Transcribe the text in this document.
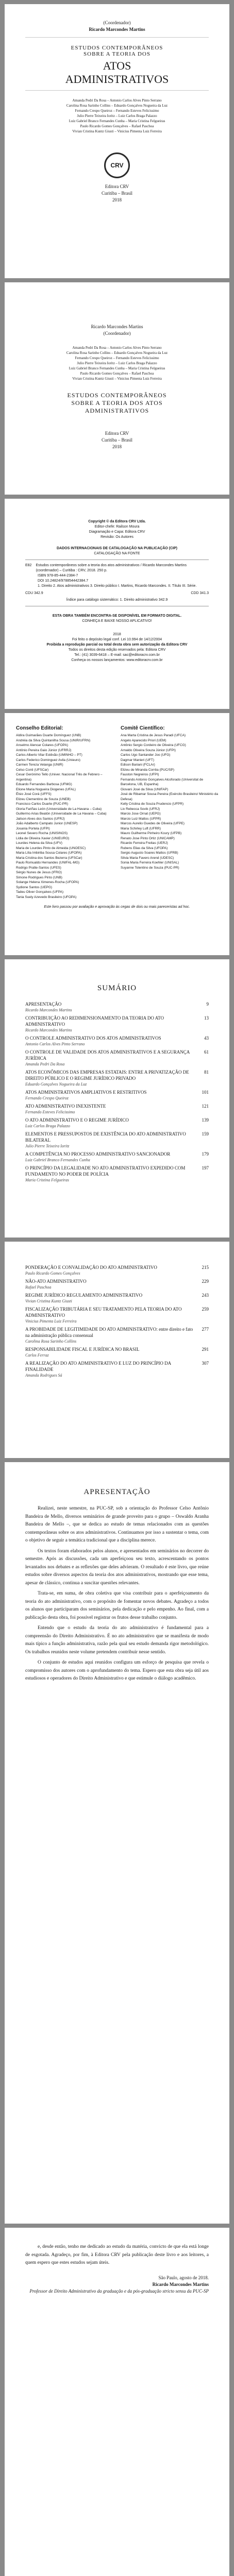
(Coordenador)
Ricardo Marcondes Martins
ESTUDOS CONTEMPORÂNEOS
SOBRE A TEORIA DOS
ATOS
ADMINISTRATIVOS
Amanda Pedri Da Rosa – Antonio Carlos Alves Pinto Serrano
Carolina Rosa Sarinho Collins – Eduardo Gonçalves Nogueira da Luz
Fernando Crespo Queiroz – Fernando Esteves Felicissimo
Julio Pierre Teixeira Ioritz – Luiz Carlos Braga Palazzo
Luiz Gabriel Branco Fernandes Cunha – Maria Cristina Felgueiras
Paulo Ricardo Gomes Gonçalves – Rafael Paschoa
Vivian Cristina Kuntz Giusti – Vinicius Pimenta Luiz Ferreira
CRV
Editora CRV
Curitiba – Brasil
2018
Ricardo Marcondes Martins
(Coordenador)
Amanda Pedri Da Rosa – Antonio Carlos Alves Pinto Serrano
Carolina Rosa Sarinho Collins – Eduardo Gonçalves Nogueira da Luz
Fernando Crespo Queiroz – Fernando Esteves Felicissimo
Julio Pierre Teixeira Ioritz – Luiz Carlos Braga Palazzo
Luiz Gabriel Branco Fernandes Cunha – Maria Cristina Felgueiras
Paulo Ricardo Gomes Gonçalves – Rafael Paschoa
Vivian Cristina Kuntz Giusti – Vinicius Pimenta Luiz Ferreira
ESTUDOS CONTEMPORÂNEOS
SOBRE A TEORIA DOS ATOS
ADMINISTRATIVOS
Editora CRV
Curitiba – Brasil
2018
Copyright © da Editora CRV Ltda.
Editor-chefe: Railson Moura
Diagramação e Capa: Editora CRV
Revisão: Os Autores
DADOS INTERNACIONAIS DE CATALOGAÇÃO NA PUBLICAÇÃO (CIP)
CATALOGAÇÃO NA FONTE
E82 Estudos contemporâneos sobre a teoria dos atos administrativos / Ricardo Marcondes Martins (coordenador) – Curitiba : CRV, 2018. 250 p.
ISBN 978-85-444-2384-7
DOI 10.24824/978854442384.7
1. Direito 2. Atos administrativos 3. Direito público I. Martins, Ricardo Marcondes. II. Título III. Série.
CDU 342.9	CDD 341.3
Índice para catálogo sistemático: 1. Direito administrativo 342.9
ESTA OBRA TAMBÉM ENCONTRA-SE DISPONÍVEL EM FORMATO DIGITAL.
CONHEÇA E BAIXE NOSSO APLICATIVO!
2018
Foi feito o depósito legal conf. Lei 10.994 de 14/12/2004
Proibida a reprodução parcial ou total desta obra sem autorização da Editora CRV
Todos os direitos desta edição reservados pela: Editora CRV
Tel.: (41) 3039-6418 – E-mail: sac@editoracrv.com.br
Conheça os nossos lançamentos: www.editoracrv.com.br
Conselho Editorial:
Aldira Guimarães Duarte Domínguez (UNB)
Andréia da Silva Quintanilha Sousa (UNIR/UFRN)
Anselmo Alencar Colares (UFOPA)
Antônio Pereira Gaio Júnior (UFRRJ)
Carlos Alberto Vilar Estêvão (UMINHO – PT)
Carlos Federico Dominguez Avila (Unieuro)
Carmen Tereza Velanga (UNIR)
Celso Conti (UFSCar)
Cesar Gerónimo Tello (Univer. Nacional Três de Febrero – Argentina)
Eduardo Fernandes Barbosa (UFMG)
Elione Maria Nogueira Diogenes (UFAL)
Élsio José Corá (UFFS)
Elizeu Clementino de Souza (UNEB)
Francisco Carlos Duarte (PUC-PR)
Gloria Fariñas León (Universidade de La Havana – Cuba)
Guillermo Arias Beatón (Universidade de La Havana – Cuba)
Jailson Alves dos Santos (UFRJ)
João Adalberto Campato Junior (UNESP)
Josania Portela (UFPI)
Leonel Severo Rocha (UNISINOS)
Lídia de Oliveira Xavier (UNIEURO)
Lourdes Helena da Silva (UFV)
Maria de Lourdes Pinto de Almeida (UNOESC)
Maria Lília Imbiriba Sousa Colares (UFOPA)
Maria Cristina dos Santos Bezerra (UFSCar)
Paulo Romualdo Hernandes (UNIFAL-MG)
Rodrigo Pratte-Santos (UFES)
Sérgio Nunes de Jesus (IFRO)
Simone Rodrigues Pinto (UNB)
Solange Helena Ximenes-Rocha (UFOPA)
Sydione Santos (UEPG)
Tadeu Oliver Gonçalves (UFPA)
Tania Suely Azevedo Brasileiro (UFOPA)
Comitê Científico:
Ana Marta Cristina de Jesus Paradi (UFCA)
Angelo Aparecido Priori (UEM)
Antônio Sergio Cordeiro de Oliveira (UFCG)
Arnaldo Oliveira Souza Júnior (UFPI)
Carlos Ugo Santander Joo (UFG)
Dagmar Manieri (UFT)
Edison Bariani (FCLAr)
Elizeu de Miranda Corrêa (PUC/SP)
Fauston Negreiros (UFPI)
Fernando Antonio Gonçalves Alcoforado (Universitat de Barcelona, UB, Espanha)
Giovani José da Silva (UNIFAP)
José de Ribamar Sousa Pereira (Exército Brasileiro/ Ministério da Defesa)
Kelly Cristina de Souza Prudencio (UFPR)
Liv Rebecca Sovik (UFRJ)
Marcio Jose Ornat (UEPG)
Marcio Luiz Mattos (UFPR)
Marcos Aurelio Guedes de Oliveira (UFPE)
Maria Schirley Luft (UFRR)
Mauro Guilherme Pinheiro Koury (UFPB)
Renato Jose Pinto Ortiz (UNICAMP)
Ricardo Ferreira Freitas (UERJ)
Rubens Elias da Silva (UFOPA)
Sergio Augusto Soares Mattos (UFRB)
Silvia Maria Favero Arend (UDESC)
Sonia Maria Ferreira Koehler (UNISAL)
Suyanne Tolentino de Souza (PUC-PR)
Este livro passou por avaliação e aprovação às cegas de dois ou mais pareceristas ad hoc.
SUMÁRIO
APRESENTAÇÃO
Ricardo Marcondes Martins
9
CONTRIBUIÇÃO AO REDIMENSIONAMENTO DA TEORIA DO ATO ADMINISTRATIVO
Ricardo Marcondes Martins
13
O CONTROLE ADMINISTRATIVO DOS ATOS ADMINISTRATIVOS
Antonio Carlos Alves Pinto Serrano
43
O CONTROLE DE VALIDADE DOS ATOS ADMINISTRATIVOS E A SEGURANÇA JURÍDICA
Amanda Pedri Da Rosa
61
ATOS ECONÔMICOS DAS EMPRESAS ESTATAIS: ENTRE A PRIVATIZAÇÃO DE DIREITO PÚBLICO E O REGIME JURÍDICO PRIVADO
Eduardo Gonçalves Nogueira da Luz
81
ATOS ADMINISTRATIVOS AMPLIATIVOS E RESTRITIVOS
Fernando Crespo Queiroz
101
ATO ADMINISTRATIVO INEXISTENTE
Fernando Esteves Felicissimo
121
O ATO ADMINISTRATIVO E O REGIME JURÍDICO
Luiz Carlos Braga Palazzo
139
ELEMENTOS E PRESSUPOSTOS DE EXISTÊNCIA DO ATO ADMINISTRATIVO BILATERAL
Julio Pierre Teixeira Ioritz
159
A COMPETÊNCIA NO PROCESSO ADMINISTRATIVO SANCIONADOR
Luiz Gabriel Branco Fernandes Cunha
179
O PRINCÍPIO DA LEGALIDADE NO ATO ADMINISTRATIVO EXPEDIDO COM FUNDAMENTO NO PODER DE POLÍCIA
Maria Cristina Felgueiras
197
PONDERAÇÃO E CONVALIDAÇÃO DO ATO ADMINISTRATIVO
Paulo Ricardo Gomes Gonçalves
215
NÃO-ATO ADMINISTRATIVO
Rafael Paschoa
229
REGIME JURÍDICO REGULAMENTO ADMINISTRATIVO
Vivian Cristina Kuntz Giusti
243
FISCALIZAÇÃO TRIBUTÁRIA E SEU TRATAMENTO PELA TEORIA DO ATO ADMINISTRATIVO
Vinicius Pimenta Luiz Ferreira
259
A PROBIDADE DE LEGITIMIDADE DO ATO ADMINISTRATIVO: entre direito e fato na administração pública consensual
Carolina Rosa Sarinho Collins
277
RESPONSABILIDADE FISCAL E JURÍDICA NO BRASIL
Carlos Ferraz
291
A REALIZAÇÃO DO ATO ADMINISTRATIVO E LUZ DO PRINCÍPIO DA FINALIDADE
Amanda Rodrigues Sá
307
APRESENTAÇÃO

Realizei, neste semestre, na PUC-SP, sob a orientação do Professor Celso Antônio Bandeira de Mello, diversos seminários de grande proveito para o grupo – Oswaldo Aranha Bandeira de Mello –, que se dedica ao estudo de temas relacionados com as questões contemporâneas sobre os atos administrativos. Continuamos por isso a sustentar o tema, com o objetivo de seguir a temática tradicional que a disciplina merece.

Os textos foram elaborados pelos alunos, e apresentados em seminários no decorrer do semestre. Após as discussões, cada um aperfeiçoou seu texto, acrescentando os pontos levantados nos debates e as reflexões que deles advieram. O resultado é este livro, que reúne estudos sobre diversos aspectos da teoria dos atos administrativos, mostrando que esse tema, apesar de clássico, continua a suscitar questões relevantes.

Trata-se, em suma, de obra coletiva que visa contribuir para o aperfeiçoamento da teoria do ato administrativo, com o propósito de fomentar novos debates. Agradeço a todos os alunos que participaram dos seminários, pela dedicação e pelo empenho. Ao final, com a publicação desta obra, foi possível registrar os frutos desse trabalho conjunto.

Entendo que o estudo da teoria do ato administrativo é fundamental para a compreensão do Direito Administrativo. É no ato administrativo que se manifesta de modo mais típico a função administrativa, razão pela qual seu estudo demanda rigor metodológico. Os trabalhos reunidos neste volume pretendem contribuir nesse sentido.

O conjunto de estudos aqui reunidos configura um esforço de pesquisa que revela o compromisso dos autores com o aprofundamento do tema. Espero que esta obra seja útil aos estudiosos e operadores do Direito Administrativo e que estimule o diálogo acadêmico.

e, desde então, tenho me dedicado ao estudo da matéria, convicto de que ela está longe de esgotada. Agradeço, por fim, à Editora CRV pela publicação deste livro e aos leitores, a quem espero que estes estudos sejam úteis.

São Paulo, agosto de 2018.
Ricardo Marcondes Martins
Professor de Direito Administrativo da graduação e da pós-graduação stricto sensu da PUC-SP
